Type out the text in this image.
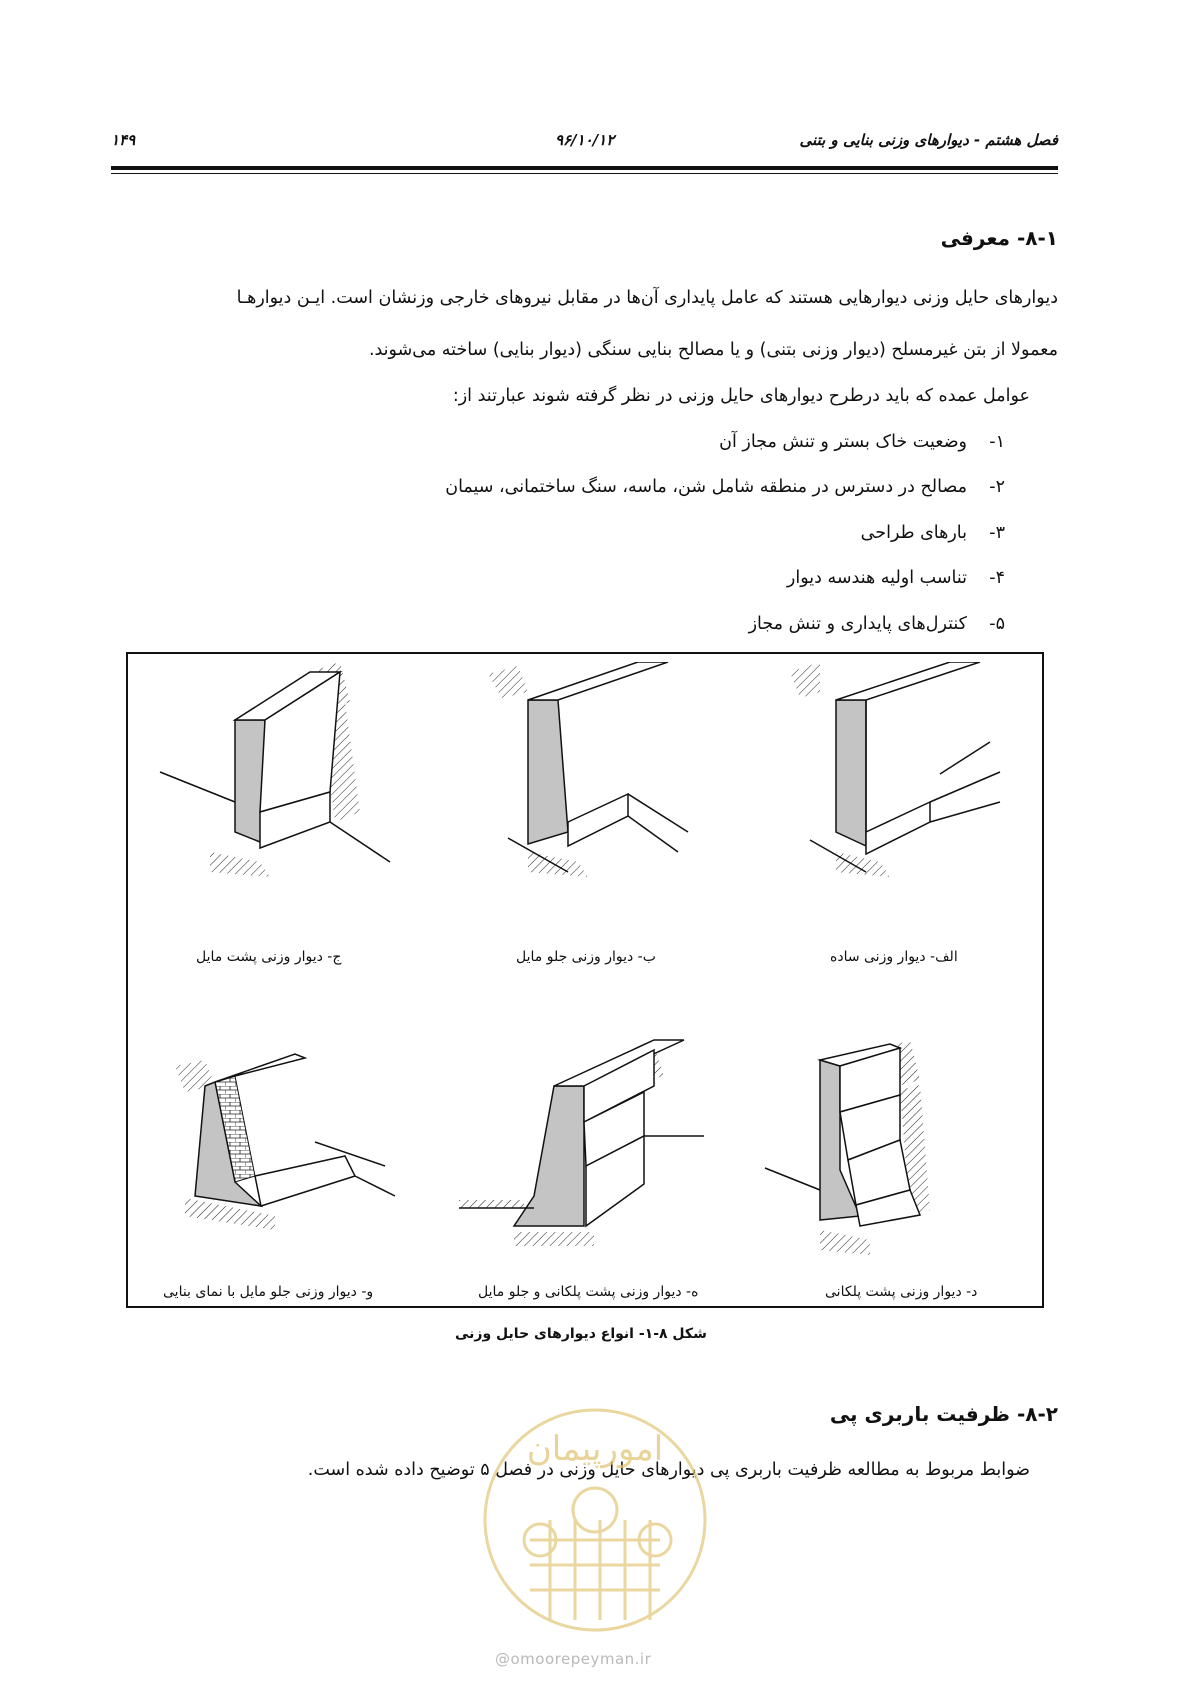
۱۴۹	۹۶/۱۰/۱۲	فصل هشتم - دیوارهای وزنی بنایی و بتنی
۸-۱- معرفی
دیوارهای حایل وزنی دیوارهایی هستند که عامل پایداری آن‌ها در مقابل نیروهای خارجی وزنشان است. ایـن دیوارهـا
معمولا از بتن غیرمسلح (دیوار وزنی بتنی) و یا مصالح بنایی سنگی (دیوار بنایی) ساخته می‌شوند.
عوامل عمده که باید درطرح دیوارهای حایل وزنی در نظر گرفته شوند عبارتند از:
۱-وضعیت خاک بستر و تنش مجاز آن
۲-مصالح در دسترس در منطقه شامل شن، ماسه، سنگ ساختمانی، سیمان
۳-بارهای طراحی
۴-تناسب اولیه هندسه دیوار
۵-کنترل‌های پایداری و تنش مجاز
الف- دیوار وزنی ساده
ب- دیوار وزنی جلو مایل
ج- دیوار وزنی پشت مایل
د- دیوار وزنی پشت پلکانی
ه- دیوار وزنی پشت پلکانی و جلو مایل
و- دیوار وزنی جلو مایل با نمای بنایی
شکل ۸-۱- انواع دیوارهای حایل وزنی
۸-۲- ظرفیت باربری پی
ضوابط مربوط به مطالعه ظرفیت باربری پی دیوارهای حایل وزنی در فصل ۵ توضیح داده شده است.
امورپیمان
@omoorepeyman.ir
